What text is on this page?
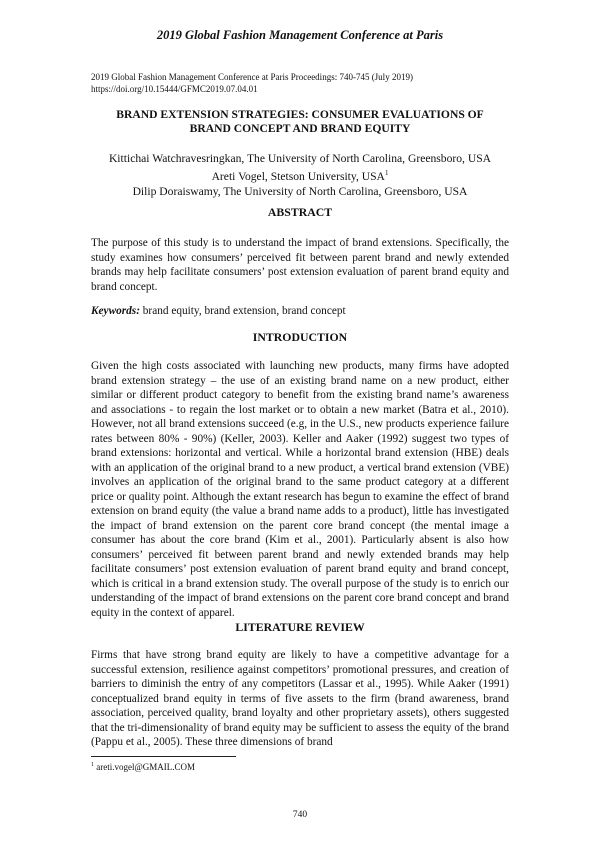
2019 Global Fashion Management Conference at Paris
2019 Global Fashion Management Conference at Paris Proceedings: 740-745 (July 2019)
https://doi.org/10.15444/GFMC2019.07.04.01
BRAND EXTENSION STRATEGIES: CONSUMER EVALUATIONS OF
BRAND CONCEPT AND BRAND EQUITY
Kittichai Watchravesringkan, The University of North Carolina, Greensboro, USA
Areti Vogel, Stetson University, USA$^1$
Dilip Doraiswamy, The University of North Carolina, Greensboro, USA
ABSTRACT

The purpose of this study is to understand the impact of brand extensions. Specifically, the study examines how consumers’ perceived fit between parent brand and newly extended brands may help facilitate consumers’ post extension evaluation of parent brand equity and brand concept.

Keywords: brand equity, brand extension, brand concept
INTRODUCTION

Given the high costs associated with launching new products, many firms have adopted brand extension strategy – the use of an existing brand name on a new product, either similar or different product category to benefit from the existing brand name’s awareness and associations - to regain the lost market or to obtain a new market (Batra et al., 2010). However, not all brand extensions succeed (e.g, in the U.S., new products experience failure rates between 80% - 90%) (Keller, 2003). Keller and Aaker (1992) suggest two types of brand extensions: horizontal and vertical. While a horizontal brand extension (HBE) deals with an application of the original brand to a new product, a vertical brand extension (VBE) involves an application of the original brand to the same product category at a different price or quality point. Although the extant research has begun to examine the effect of brand extension on brand equity (the value a brand name adds to a product), little has investigated the impact of brand extension on the parent core brand concept (the mental image a consumer has about the core brand (Kim et al., 2001). Particularly absent is also how consumers’ perceived fit between parent brand and newly extended brands may help facilitate consumers’ post extension evaluation of parent brand equity and brand concept, which is critical in a brand extension study. The overall purpose of the study is to enrich our understanding of the impact of brand extensions on the parent core brand concept and brand equity in the context of apparel.

LITERATURE REVIEW

Firms that have strong brand equity are likely to have a competitive advantage for a successful extension, resilience against competitors’ promotional pressures, and creation of barriers to diminish the entry of any competitors (Lassar et al., 1995). While Aaker (1991) conceptualized brand equity in terms of five assets to the firm (brand awareness, brand association, perceived quality, brand loyalty and other proprietary assets), others suggested that the tri-dimensionality of brand equity may be sufficient to assess the equity of the brand (Pappu et al., 2005). These three dimensions of brand

$^1$ areti.vogel@GMAIL.COM
740
